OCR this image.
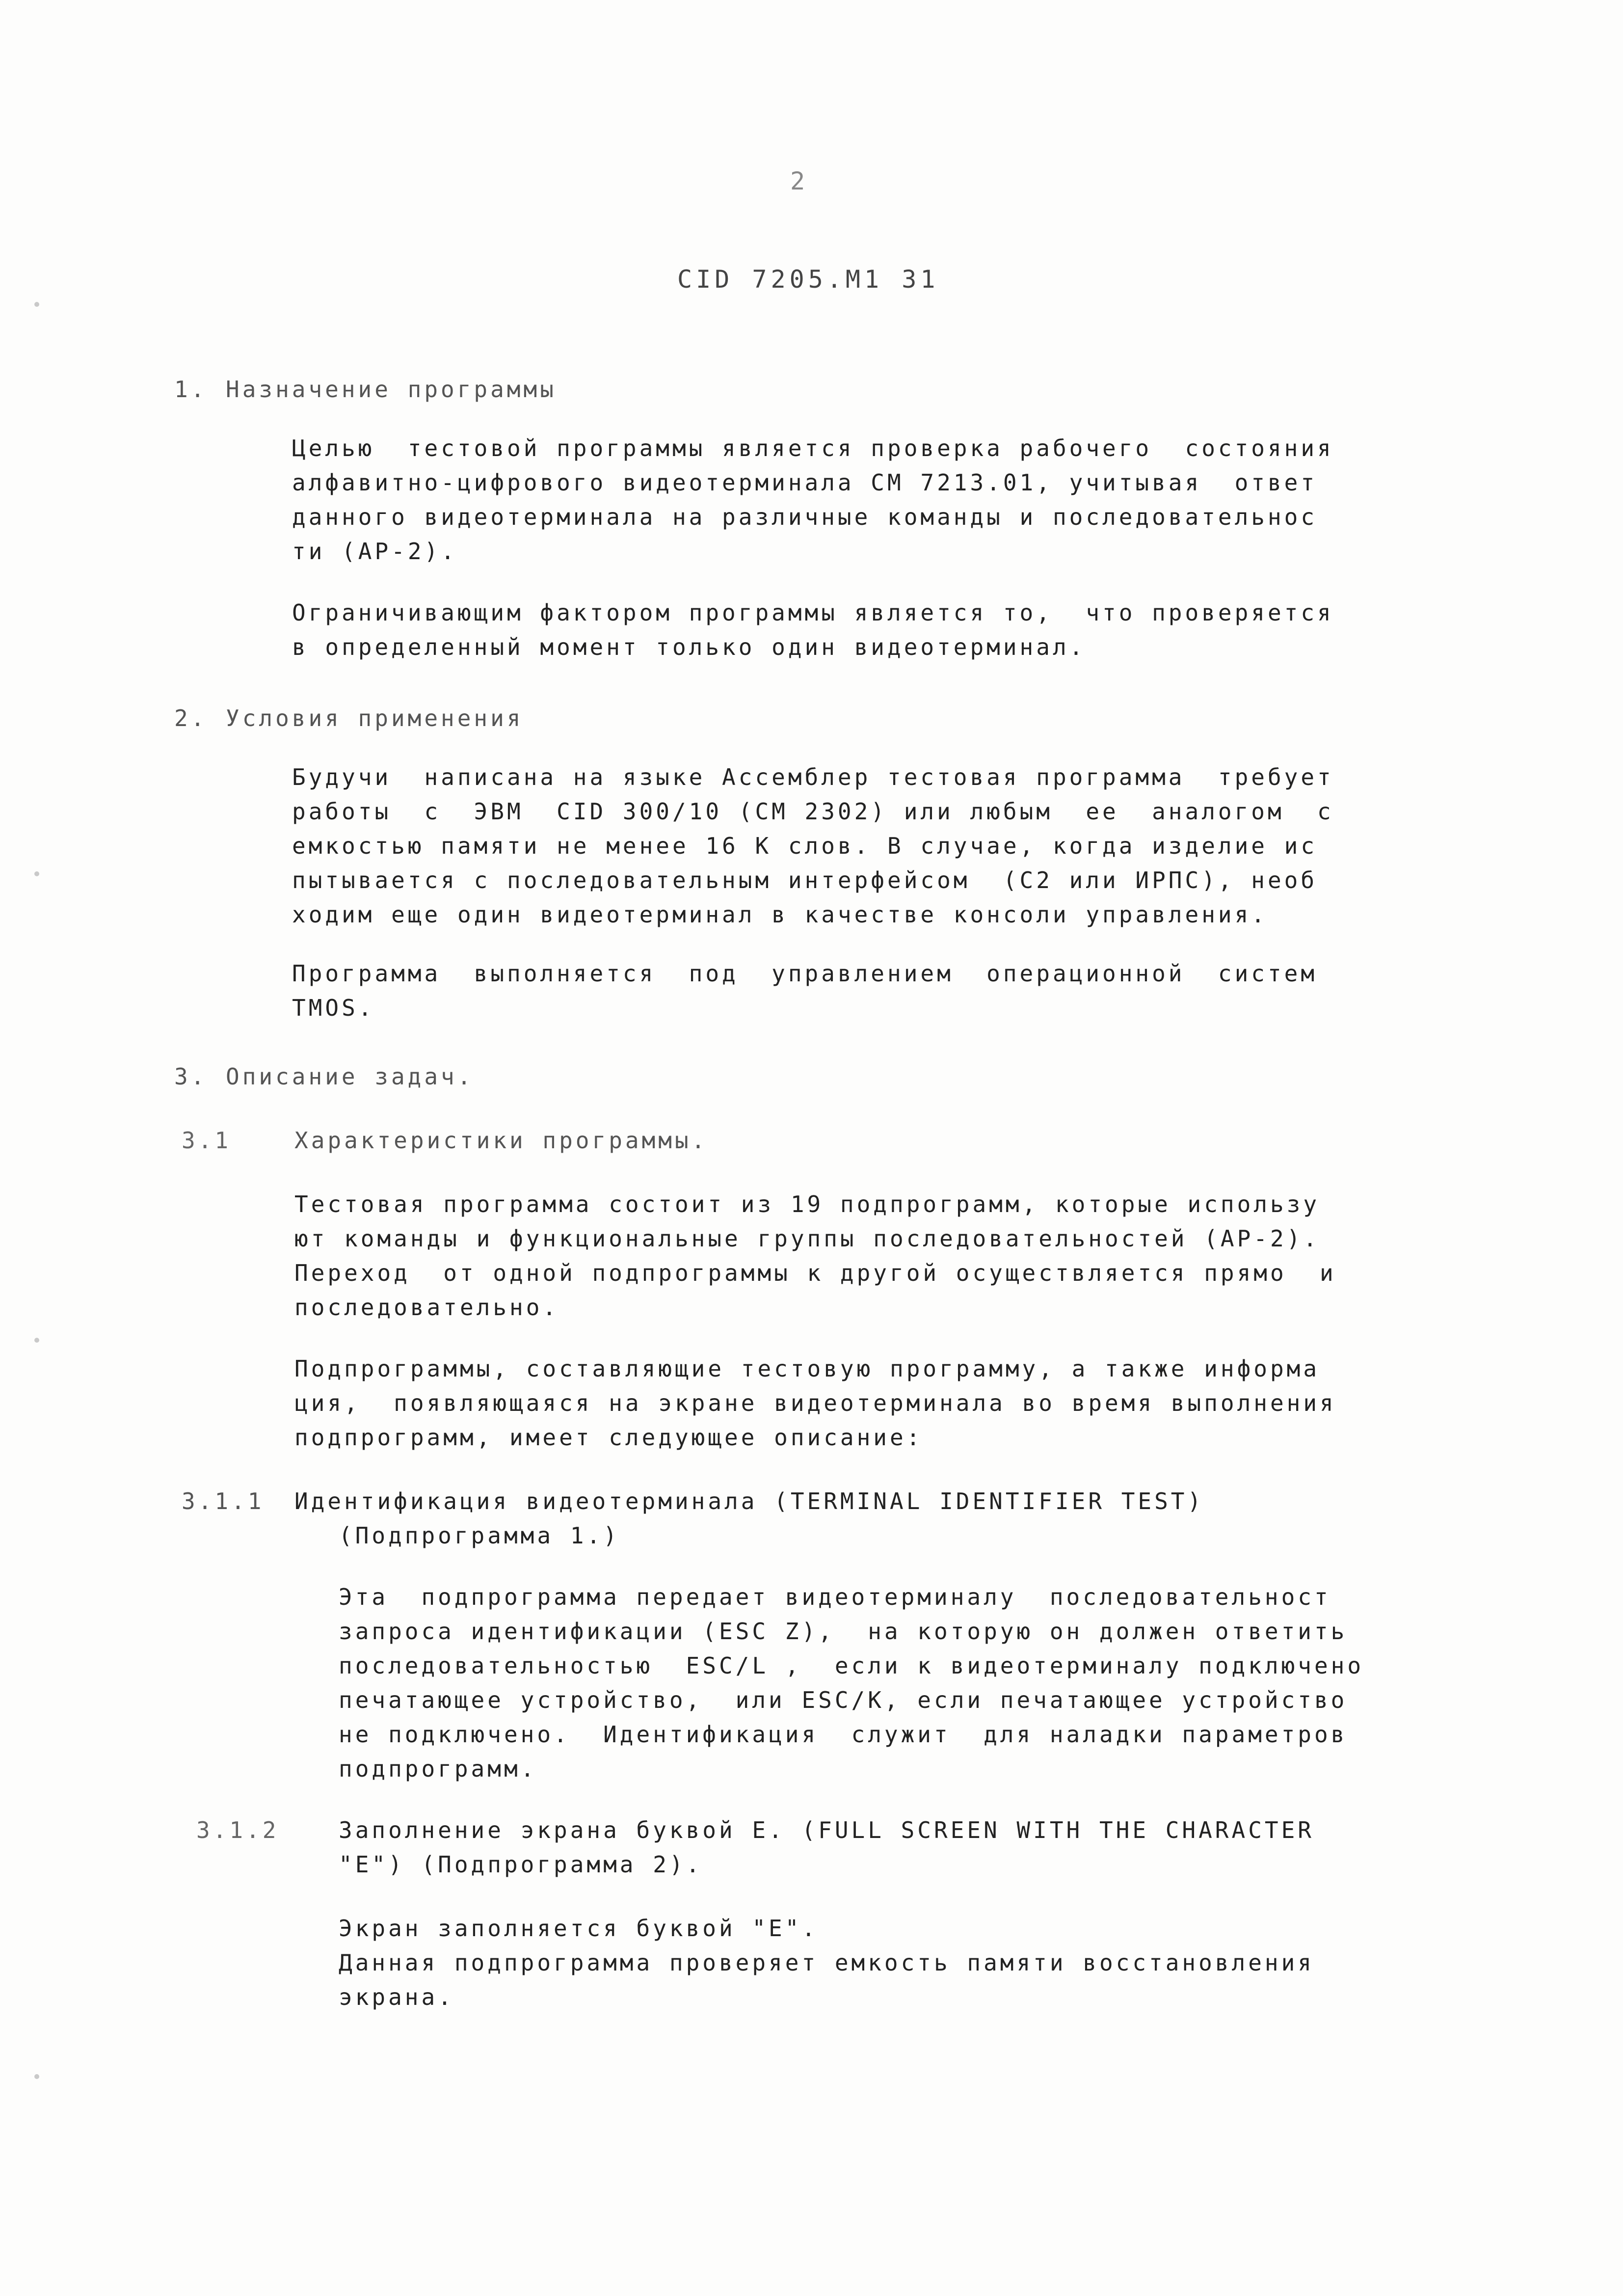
2
CID 7205.M1 31
1. Назначение программы
Целью  тестовой программы является проверка рабочего  состояния
алфавитно-цифрового видеотерминала СМ 7213.01, учитывая  ответ
данного видеотерминала на различные команды и последовательнос
ти (АР-2).
Ограничивающим фактором программы является то,  что проверяется
в определенный момент только один видеотерминал.
2. Условия применения
Будучи  написана на языке Ассемблер тестовая программа  требует
работы  с  ЭВМ  CID 300/10 (СМ 2302) или любым  ее  аналогом  с
емкостью памяти не менее 16 К слов. В случае, когда изделие ис
пытывается с последовательным интерфейсом  (С2 или ИРПС), необ
ходим еще один видеотерминал в качестве консоли управления.
Программа  выполняется  под  управлением  операционной  систем
TMOS.
3. Описание задач.
3.1	Характеристики программы.
Тестовая программа состоит из 19 подпрограмм, которые использу
ют команды и функциональные группы последовательностей (АР-2).
Переход  от одной подпрограммы к другой осуществляется прямо  и
последовательно.
Подпрограммы, составляющие тестовую программу, а также информа
ция,  появляющаяся на экране видеотерминала во время выполнения
подпрограмм, имеет следующее описание:
3.1.1 Идентификация видеотерминала (TERMINAL IDENTIFIER TEST)
(Подпрограмма 1.)
Эта  подпрограмма передает видеотерминалу  последовательност
запроса идентификации (ESC Z),  на которую он должен ответить
последовательностью  ESC/L ,  если к видеотерминалу подключено
печатающее устройство,  или ESC/K, если печатающее устройство
не подключено.  Идентификация  служит  для наладки параметров
подпрограмм.
3.1.2	Заполнение экрана буквой Е. (FULL SCREEN WITH THE CHARACTER
"E") (Подпрограмма 2).
Экран заполняется буквой "Е".
Данная подпрограмма проверяет емкость памяти восстановления
экрана.
